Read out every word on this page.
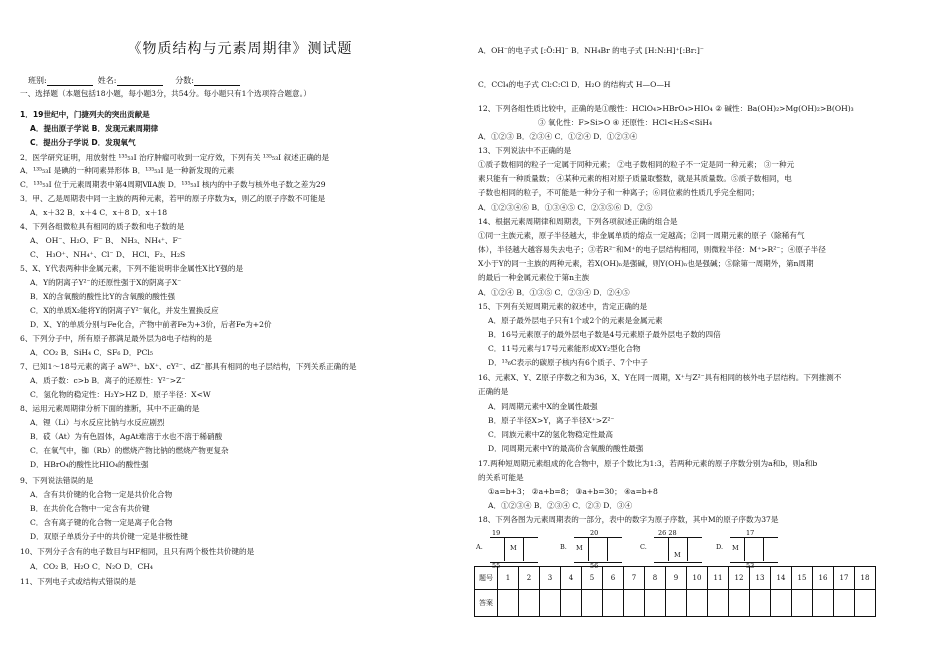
《物质结构与元素周期律》测试题
班别:	姓名:	分数:
一、选择题（本题包括18小题，每小题3分，共54分。每小题只有1个选项符合题意。）
1．19世纪中，门捷列夫的突出贡献是
A．提出原子学说 B．发现元素周期律
C．提出分子学说 D．发现氧气
2．医学研究证明，用放射性 ¹³⁵₅₃I 治疗肿瘤可收到一定疗效，下列有关 ¹³⁵₅₃I 叙述正确的是
A．¹³⁵₅₃I 是碘的一种同素异形体 B．¹³⁵₅₃I 是一种新发现的元素
C．¹³⁵₅₃I 位于元素周期表中第4周期ⅦA族 D．¹³⁵₅₃I 核内的中子数与核外电子数之差为29
3．甲、乙是周期表中同一主族的两种元素，若甲的原子序数为x，则乙的原子序数不可能是
A．x＋32 B．x＋4 C．x＋8 D．x＋18
4、下列各组微粒具有相同的质子数和电子数的是
A、 OH⁻、H₂O、F⁻ B、 NH₃、NH₄⁺、F⁻
C、 H₃O⁺、NH₄⁺、Cl⁻ D、 HCl、F₂、H₂S
5、X、Y代表两种非金属元素，下列不能说明非金属性X比Y强的是
A．Y的阴离子Y²⁻的还原性强于X的阴离子X⁻
B．X的含氧酸的酸性比Y的含氧酸的酸性强
C．X的单质X₂能将Y的阴离子Y²⁻氧化，并发生置换反应
D．X、Y的单质分别与Fe化合，产物中前者Fe为+3价，后者Fe为+2价
6、下列分子中，所有原子都满足最外层为8电子结构的是
A．CO₂ B．SiH₄ C．SF₆ D．PCl₅
7、已知1～18号元素的离子 aW³⁺、bX⁺、cY²⁻、dZ⁻都具有相同的电子层结构，下列关系正确的是
A．质子数：c>b B．离子的还原性：Y²⁻>Z⁻
C．氢化物的稳定性：H₂Y>HZ D．原子半径：X<W
8、运用元素周期律分析下面的推断，其中不正确的是
A．锂（Li）与水反应比钠与水反应剧烈
B．砹（At）为有色固体，AgAt难溶于水也不溶于稀硝酸
C．在氧气中，铷（Rb）的燃烧产物比钠的燃烧产物更复杂
D．HBrO₄的酸性比HIO₄的酸性强
9、下列说法错误的是
A．含有共价键的化合物一定是共价化合物
B．在共价化合物中一定含有共价键
C．含有离子键的化合物一定是离子化合物
D．双原子单质分子中的共价键一定是非极性键
10、下列分子含有的电子数目与HF相同，且只有两个极性共价键的是
A．CO₂ B．H₂O C．N₂O D．CH₄
11、下列电子式或结构式错误的是
A．OH⁻的电子式 [:Ö:H]⁻ B．NH₄Br 的电子式 [H:N:H]⁺[:Br:]⁻
C．CCl₄的电子式 Cl:C:Cl D．H₂O 的结构式 H—O—H
12、下列各组性质比较中，正确的是①酸性：HClO₄>HBrO₄>HIO₄ ② 碱性：Ba(OH)₂>Mg(OH)₂>B(OH)₃
③ 氧化性：F>Si>O ④ 还原性：HCl<H₂S<SiH₄
A．①②③ B．②③④ C．①②④ D．①②③④
13、下列说法中不正确的是
①质子数相同的粒子一定属于同种元素； ②电子数相同的粒子不一定是同一种元素； ③一种元
素只能有一种质量数； ④某种元素的相对原子质量取整数，就是其质量数。⑤质子数相同，电
子数也相同的粒子，不可能是一种分子和一种离子；⑥同位素的性质几乎完全相同；
A．①②③④⑥ B．①③④⑤ C．②③⑤⑥ D．②⑤
14、根据元素周期律和周期表，下列各项叙述正确的组合是
①同一主族元素，原子半径越大，非金属单质的熔点一定越高；②同一周期元素的原子（除稀有气
体），半径越大越容易失去电子；③若R²⁻和M⁺的电子层结构相同，则微粒半径：M⁺>R²⁻；④原子半径
X小于Y的同一主族的两种元素，若X(OH)ₙ是强碱，则Y(OH)ₙ也是强碱；⑤除第一周期外，第n周期
的最后一种金属元素位于第n主族
A．①②④ B．①③⑤ C．②③④ D．②④⑤
15、下列有关短周期元素的叙述中，肯定正确的是
A．原子最外层电子只有1个或2个的元素是金属元素
B．16号元素原子的最外层电子数是4号元素原子最外层电子数的四倍
C．11号元素与17号元素能形成XY₂型化合物
D．¹³₆C表示的碳原子核内有6个质子、7个中子
16、元素X、Y、Z原子序数之和为36，X、Y在同一周期，X⁺与Z²⁻具有相同的核外电子层结构。下列推测不
正确的是
A．同周期元素中X的金属性最强
B．原子半径X>Y，离子半径X⁺>Z²⁻
C．同族元素中Z的氢化物稳定性最高
D．同周期元素中Y的最高价含氧酸的酸性最强
17.两种短周期元素组成的化合物中，原子个数比为1:3，若两种元素的原子序数分别为a和b，则a和b
的关系可能是
①a=b+3； ②a+b=8； ③a+b=30； ④a=b+8
A．①②③④ B．②③④ C．②③ D．③④
18、下列各图为元素周期表的一部分，表中的数字为原子序数，其中M的原子序数为37是
A.
19
M
55
B.
20
M
56
C.
26 28
M
D.
17
M
53
题号	1	2	3	4	5	6	7	8	9	10	11	12	13	14	15	16	17	18
答案																		
